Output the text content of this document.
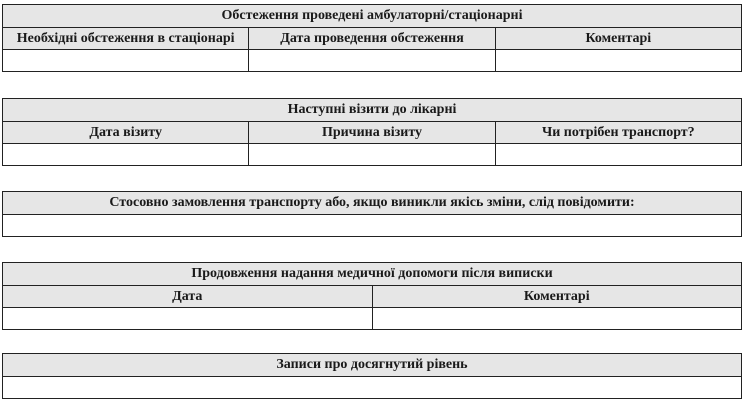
Обстеження проведені амбулаторні/стаціонарні
Необхідні обстеження в стаціонарі	Дата проведення обстеження	Коментарі
Наступні візити до лікарні
Дата візиту	Причина візиту	Чи потрібен транспорт?
Стосовно замовлення транспорту або, якщо виникли якісь зміни, слід повідомити:
Продовження надання медичної допомоги після виписки
Дата	Коментарі
Записи про досягнутий рівень
